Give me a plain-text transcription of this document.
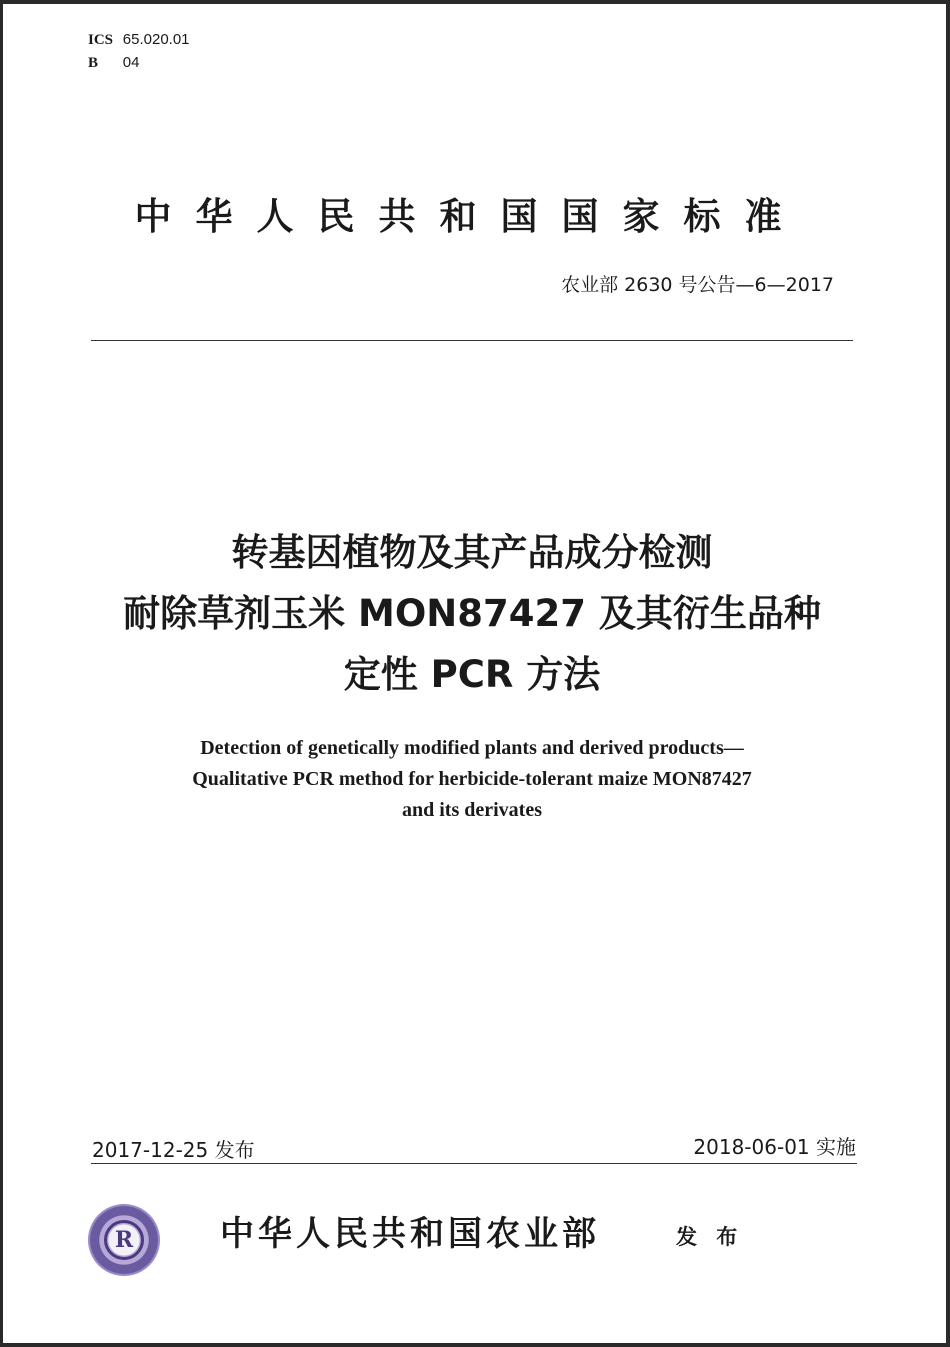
ICS 65.020.01
B 04
中华人民共和国国家标准
农业部 2630 号公告—6—2017
转基因植物及其产品成分检测
耐除草剂玉米 MON87427 及其衍生品种
定性 PCR 方法
Detection of genetically modified plants and derived products—
Qualitative PCR method for herbicide-tolerant maize MON87427
and its derivates
2017-12-25 发布	2018-06-01 实施
R	中华人民共和国农业部	发 布
